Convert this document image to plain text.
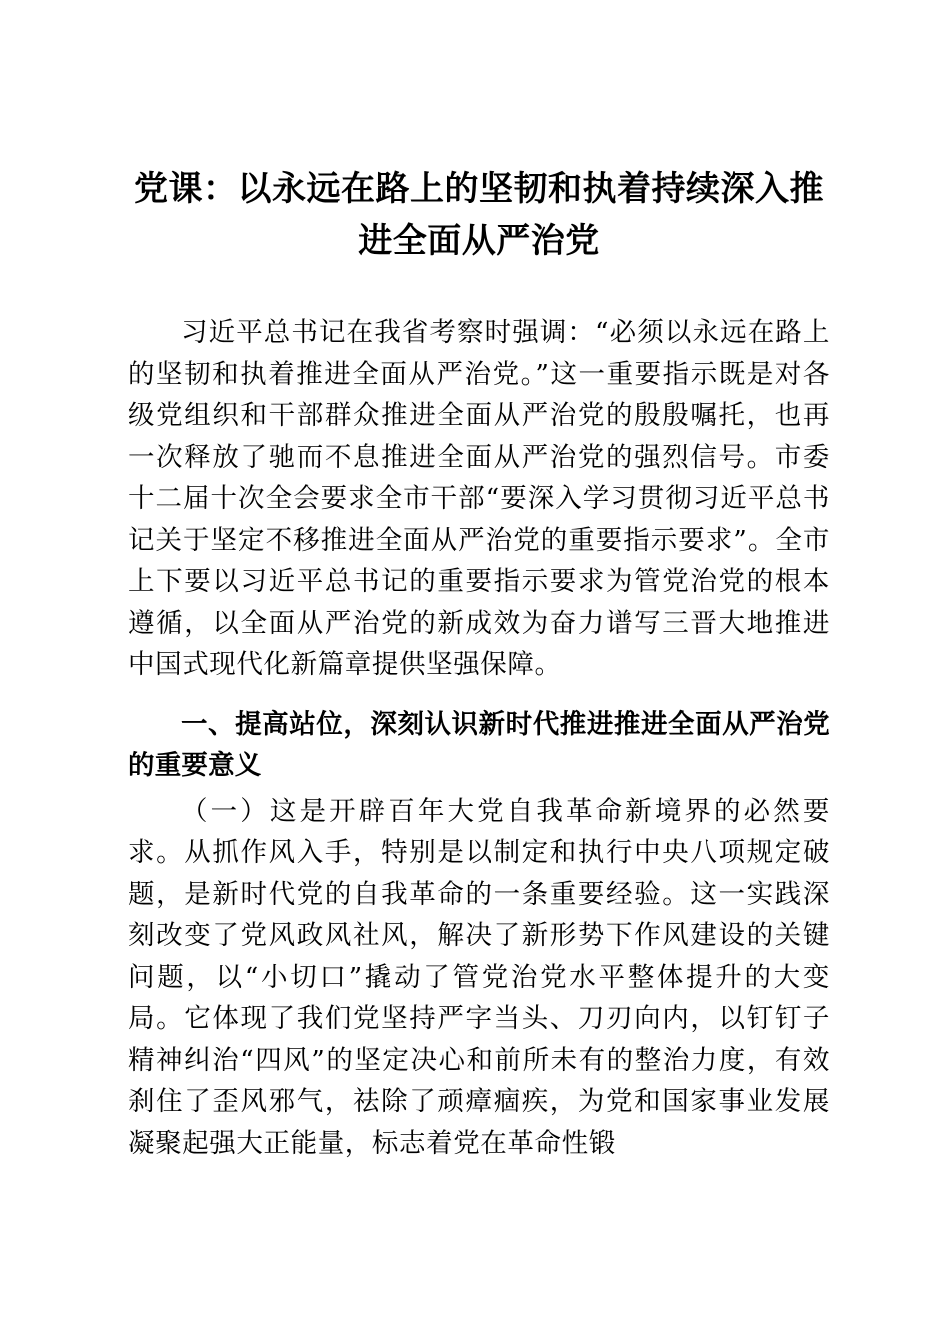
党课：以永远在路上的坚韧和执着持续深入推进全面从严治党

习近平总书记在我省考察时强调：“必须以永远在路上的坚韧和执着推进全面从严治党。”这一重要指示既是对各级党组织和干部群众推进全面从严治党的殷殷嘱托，也再一次释放了驰而不息推进全面从严治党的强烈信号。市委十二届十次全会要求全市干部“要深入学习贯彻习近平总书记关于坚定不移推进全面从严治党的重要指示要求”。全市上下要以习近平总书记的重要指示要求为管党治党的根本遵循，以全面从严治党的新成效为奋力谱写三晋大地推进中国式现代化新篇章提供坚强保障。

一、提高站位，深刻认识新时代推进推进全面从严治党的重要意义

（一）这是开辟百年大党自我革命新境界的必然要求。从抓作风入手，特别是以制定和执行中央八项规定破题，是新时代党的自我革命的一条重要经验。这一实践深刻改变了党风政风社风，解决了新形势下作风建设的关键问题，以“小切口”撬动了管党治党水平整体提升的大变局。它体现了我们党坚持严字当头、刀刃向内，以钉钉子精神纠治“四风”的坚定决心和前所未有的整治力度，有效刹住了歪风邪气，祛除了顽瘴痼疾，为党和国家事业发展凝聚起强大正能量，标志着党在革命性锻
